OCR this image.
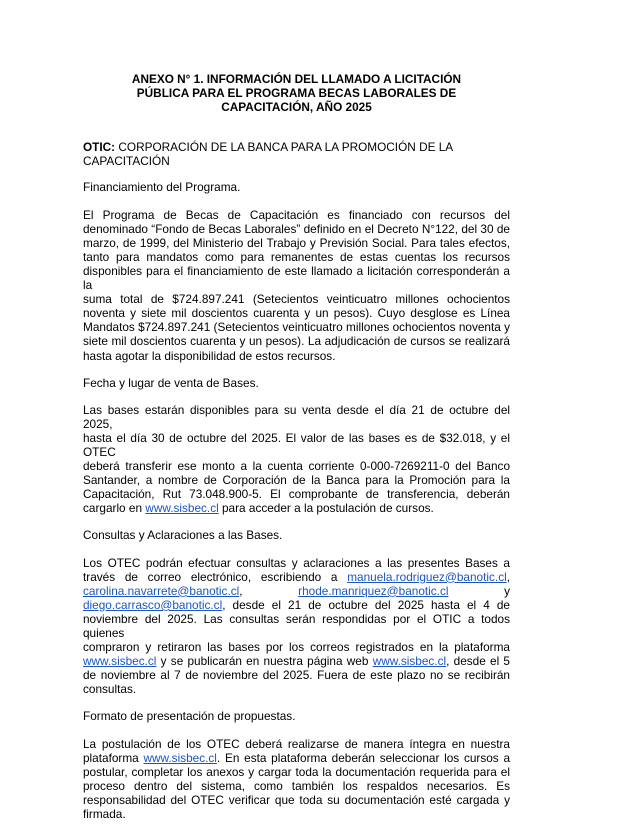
ANEXO N° 1. INFORMACIÓN DEL LLAMADO A LICITACIÓN
PÚBLICA PARA EL PROGRAMA BECAS LABORALES DE
CAPACITACIÓN, AÑO 2025

OTIC: CORPORACIÓN DE LA BANCA PARA LA PROMOCIÓN DE LA CAPACITACIÓN

Financiamiento del Programa.

El Programa de Becas de Capacitación es financiado con recursos del
denominado “Fondo de Becas Laborales” definido en el Decreto N°122, del 30 de
marzo, de 1999, del Ministerio del Trabajo y Previsión Social. Para tales efectos,
tanto para mandatos como para remanentes de estas cuentas los recursos
disponibles para el financiamiento de este llamado a licitación corresponderán a la
suma total de $724.897.241 (Setecientos veinticuatro millones ochocientos
noventa y siete mil doscientos cuarenta y un pesos). Cuyo desglose es Línea
Mandatos $724.897.241 (Setecientos veinticuatro millones ochocientos noventa y
siete mil doscientos cuarenta y un pesos). La adjudicación de cursos se realizará
hasta agotar la disponibilidad de estos recursos.

Fecha y lugar de venta de Bases.

Las bases estarán disponibles para su venta desde el día 21 de octubre del 2025,
hasta el día 30 de octubre del 2025. El valor de las bases es de $32.018, y el OTEC
deberá transferir ese monto a la cuenta corriente 0-000-7269211-0 del Banco
Santander, a nombre de Corporación de la Banca para la Promoción para la
Capacitación, Rut 73.048.900-5. El comprobante de transferencia, deberán
cargarlo en www.sisbec.cl para acceder a la postulación de cursos.

Consultas y Aclaraciones a las Bases.

Los OTEC podrán efectuar consultas y aclaraciones a las presentes Bases a
través de correo electrónico, escribiendo a manuela.rodriguez@banotic.cl,
carolina.navarrete@banotic.cl,	rhode.manriquez@banotic.cl	y
diego.carrasco@banotic.cl, desde el 21 de octubre del 2025 hasta el 4 de
noviembre del 2025. Las consultas serán respondidas por el OTIC a todos quienes
compraron y retiraron las bases por los correos registrados en la plataforma
www.sisbec.cl y se publicarán en nuestra página web www.sisbec.cl, desde el 5
de noviembre al 7 de noviembre del 2025. Fuera de este plazo no se recibirán
consultas.

Formato de presentación de propuestas.

La postulación de los OTEC deberá realizarse de manera íntegra en nuestra
plataforma www.sisbec.cl. En esta plataforma deberán seleccionar los cursos a
postular, completar los anexos y cargar toda la documentación requerida para el
proceso dentro del sistema, como también los respaldos necesarios. Es
responsabilidad del OTEC verificar que toda su documentación esté cargada y
firmada.
